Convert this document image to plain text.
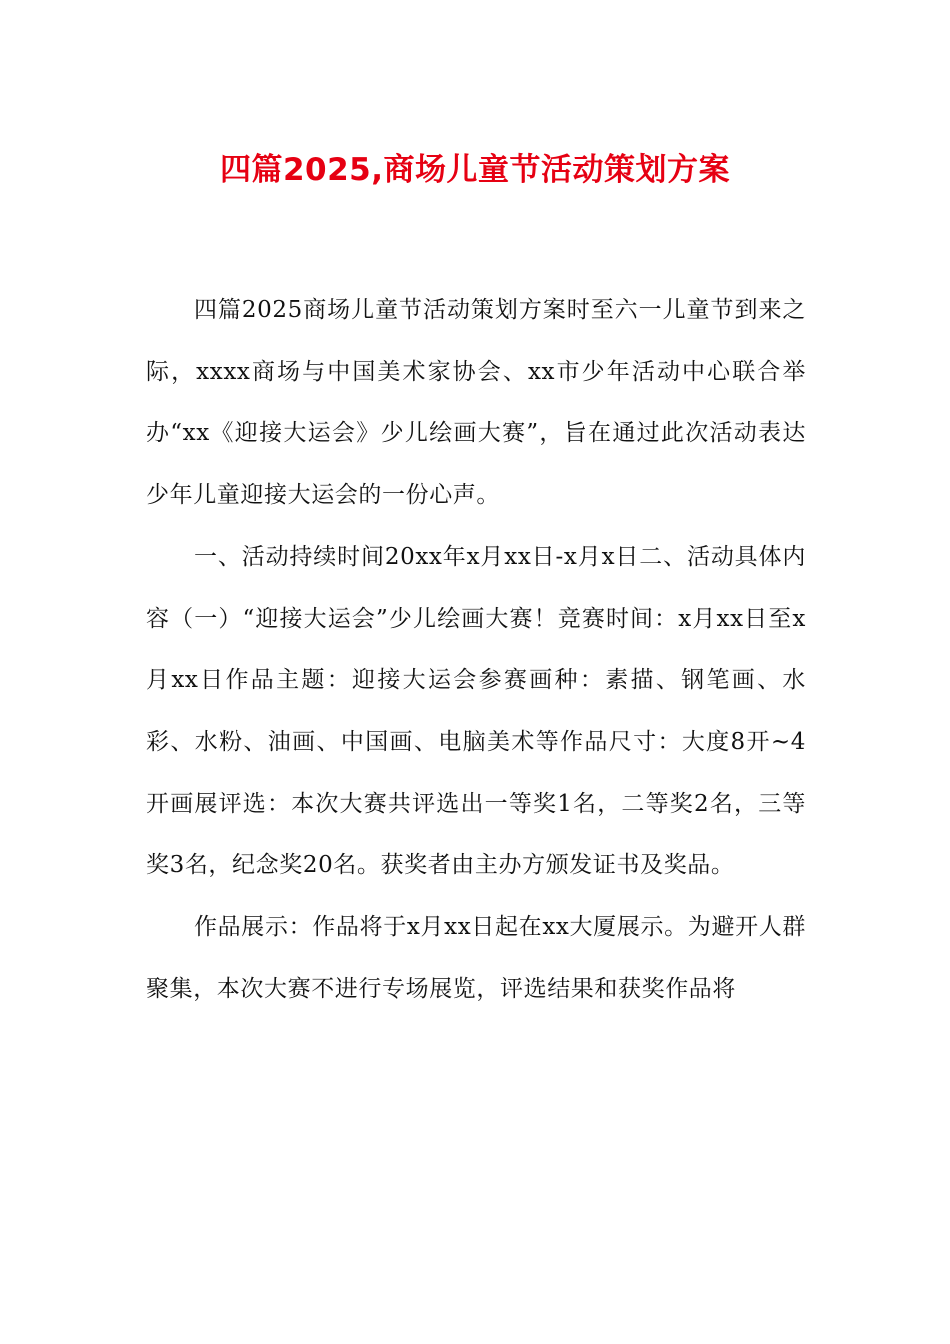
四篇2025,商场儿童节活动策划方案

四篇2025商场儿童节活动策划方案时至六一儿童节到来之际，xxxx商场与中国美术家协会、xx市少年活动中心联合举办“xx《迎接大运会》少儿绘画大赛”，旨在通过此次活动表达少年儿童迎接大运会的一份心声。

一、活动持续时间20xx年x月xx日-x月x日二、活动具体内容（一）“迎接大运会”少儿绘画大赛！竞赛时间：x月xx日至x月xx日作品主题：迎接大运会参赛画种：素描、钢笔画、水彩、水粉、油画、中国画、电脑美术等作品尺寸：大度8开~4开画展评选：本次大赛共评选出一等奖1名，二等奖2名，三等奖3名，纪念奖20名。获奖者由主办方颁发证书及奖品。

作品展示：作品将于x月xx日起在xx大厦展示。为避开人群聚集，本次大赛不进行专场展览，评选结果和获奖作品将
